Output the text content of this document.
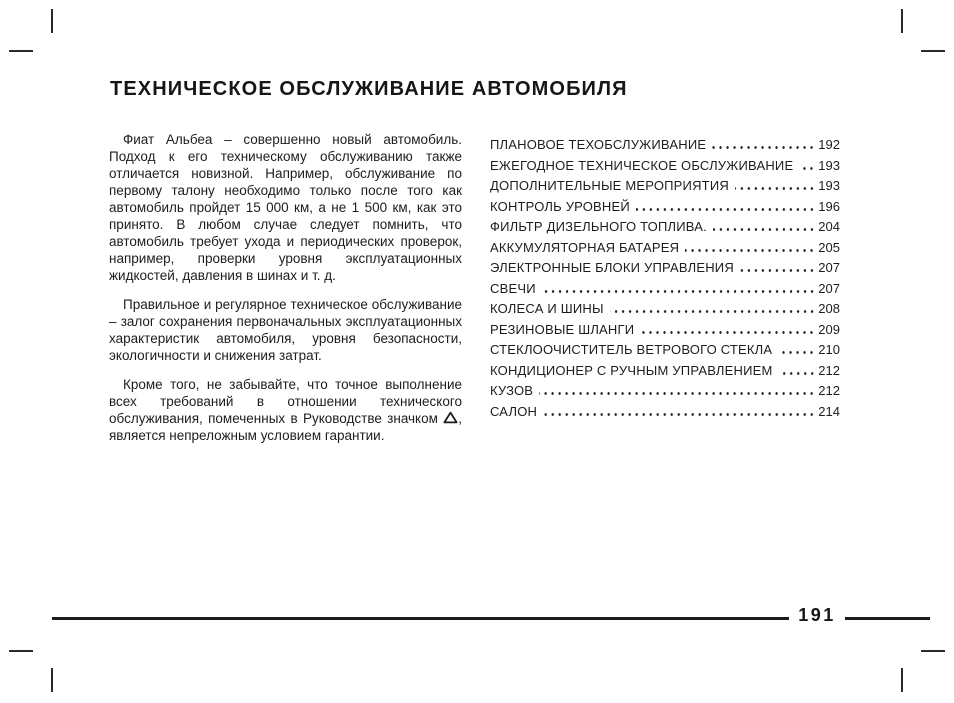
ТЕХНИЧЕСКОЕ ОБСЛУЖИВАНИЕ АВТОМОБИЛЯ

Фиат Альбеа – совершенно новый автомобиль. Подход к его техническому обслуживанию также отличается новизной. Например, обслуживание по первому талону необходимо только после того как автомобиль пройдет 15 000 км, а не 1 500 км, как это принято. В любом случае следует помнить, что автомобиль требует ухода и периодических проверок, например, проверки уровня эксплуатационных жидкостей, давления в шинах и т. д.

Правильное и регулярное техническое обслуживание – залог сохранения первоначальных эксплуатационных характеристик автомобиля, уровня безопасности, экологичности и снижения затрат.

Кроме того, не забывайте, что точное выполнение всех требований в отношении технического обслуживания, помеченных в Руководстве значком , является непреложным условием гарантии.

ПЛАНОВОЕ ТЕХОБСЛУЖИВАНИЕ	192
ЕЖЕГОДНОЕ ТЕХНИЧЕСКОЕ ОБСЛУЖИВАНИЕ 193
ДОПОЛНИТЕЛЬНЫЕ МЕРОПРИЯТИЯ	193
КОНТРОЛЬ УРОВНЕЙ	196
ФИЛЬТР ДИЗЕЛЬНОГО ТОПЛИВА.	204
АККУМУЛЯТОРНАЯ БАТАРЕЯ	205
ЭЛЕКТРОННЫЕ БЛОКИ УПРАВЛЕНИЯ	207
СВЕЧИ	207
КОЛЕСА И ШИНЫ	208
РЕЗИНОВЫЕ ШЛАНГИ	209
СТЕКЛООЧИСТИТЕЛЬ ВЕТРОВОГО СТЕКЛА	210
КОНДИЦИОНЕР С РУЧНЫМ УПРАВЛЕНИЕМ	212
КУЗОВ	212
САЛОН	214
191
